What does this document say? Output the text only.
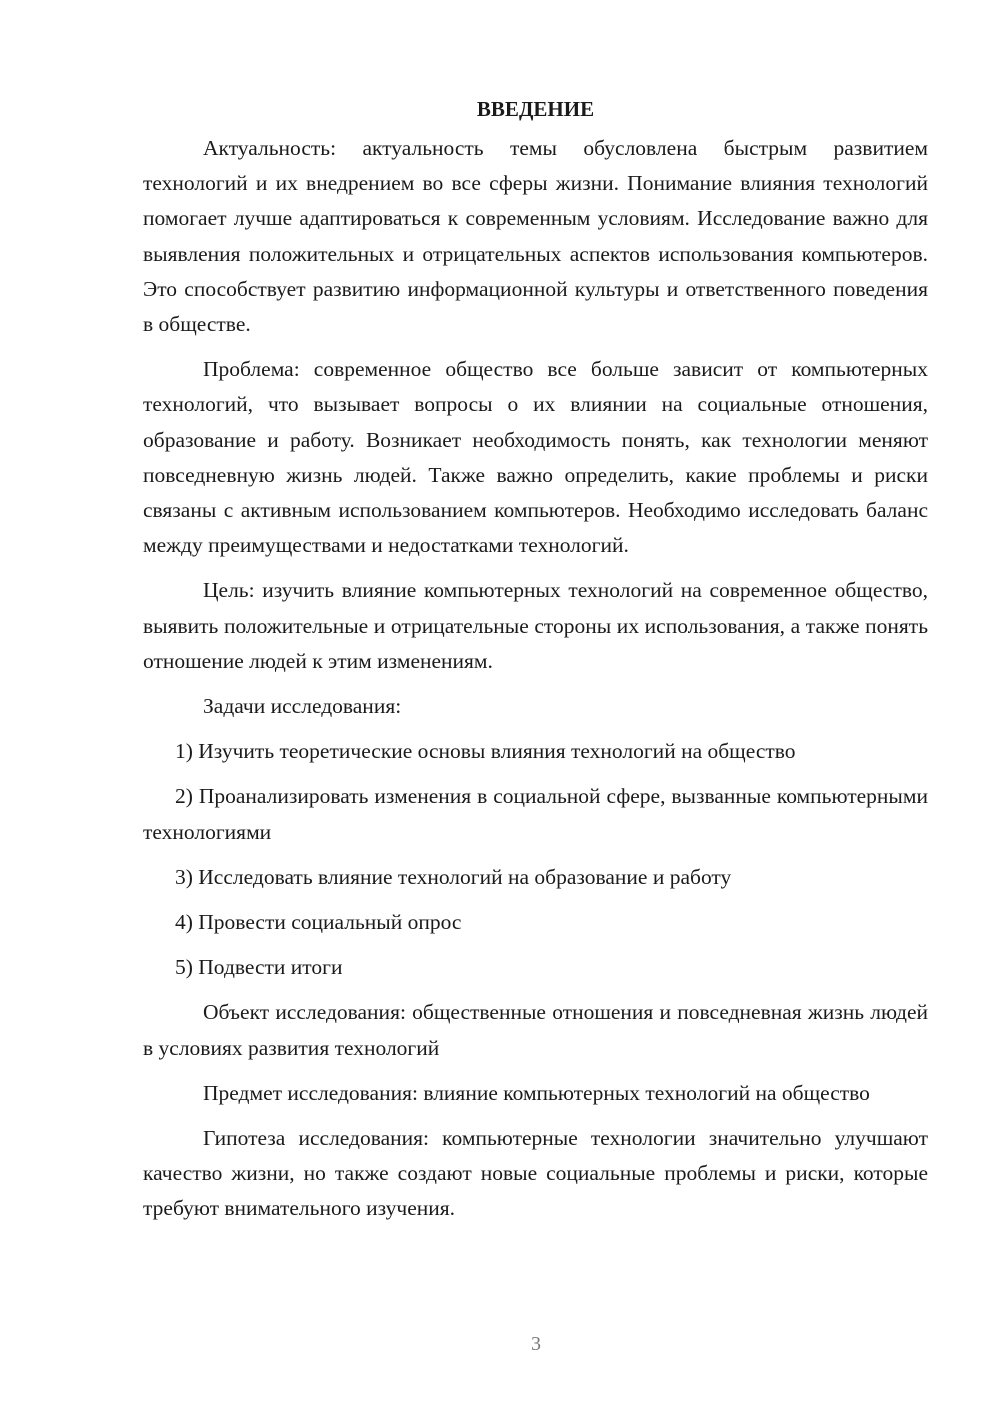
ВВЕДЕНИЕ

Актуальность: актуальность темы обусловлена быстрым развитием технологий и их внедрением во все сферы жизни. Понимание влияния технологий помогает лучше адаптироваться к современным условиям. Исследование важно для выявления положительных и отрицательных аспектов использования компьютеров. Это способствует развитию информационной культуры и ответственного поведения в обществе.

Проблема: современное общество все больше зависит от компьютерных технологий, что вызывает вопросы о их влиянии на социальные отношения, образование и работу. Возникает необходимость понять, как технологии меняют повседневную жизнь людей. Также важно определить, какие проблемы и риски связаны с активным использованием компьютеров. Необходимо исследовать баланс между преимуществами и недостатками технологий.

Цель: изучить влияние компьютерных технологий на современное общество, выявить положительные и отрицательные стороны их использования, а также понять отношение людей к этим изменениям.

Задачи исследования:

1) Изучить теоретические основы влияния технологий на общество

2) Проанализировать изменения в социальной сфере, вызванные компьютерными технологиями

3) Исследовать влияние технологий на образование и работу

4) Провести социальный опрос

5) Подвести итоги

Объект исследования: общественные отношения и повседневная жизнь людей в условиях развития технологий

Предмет исследования: влияние компьютерных технологий на общество

Гипотеза исследования: компьютерные технологии значительно улучшают качество жизни, но также создают новые социальные проблемы и риски, которые требуют внимательного изучения.

3
